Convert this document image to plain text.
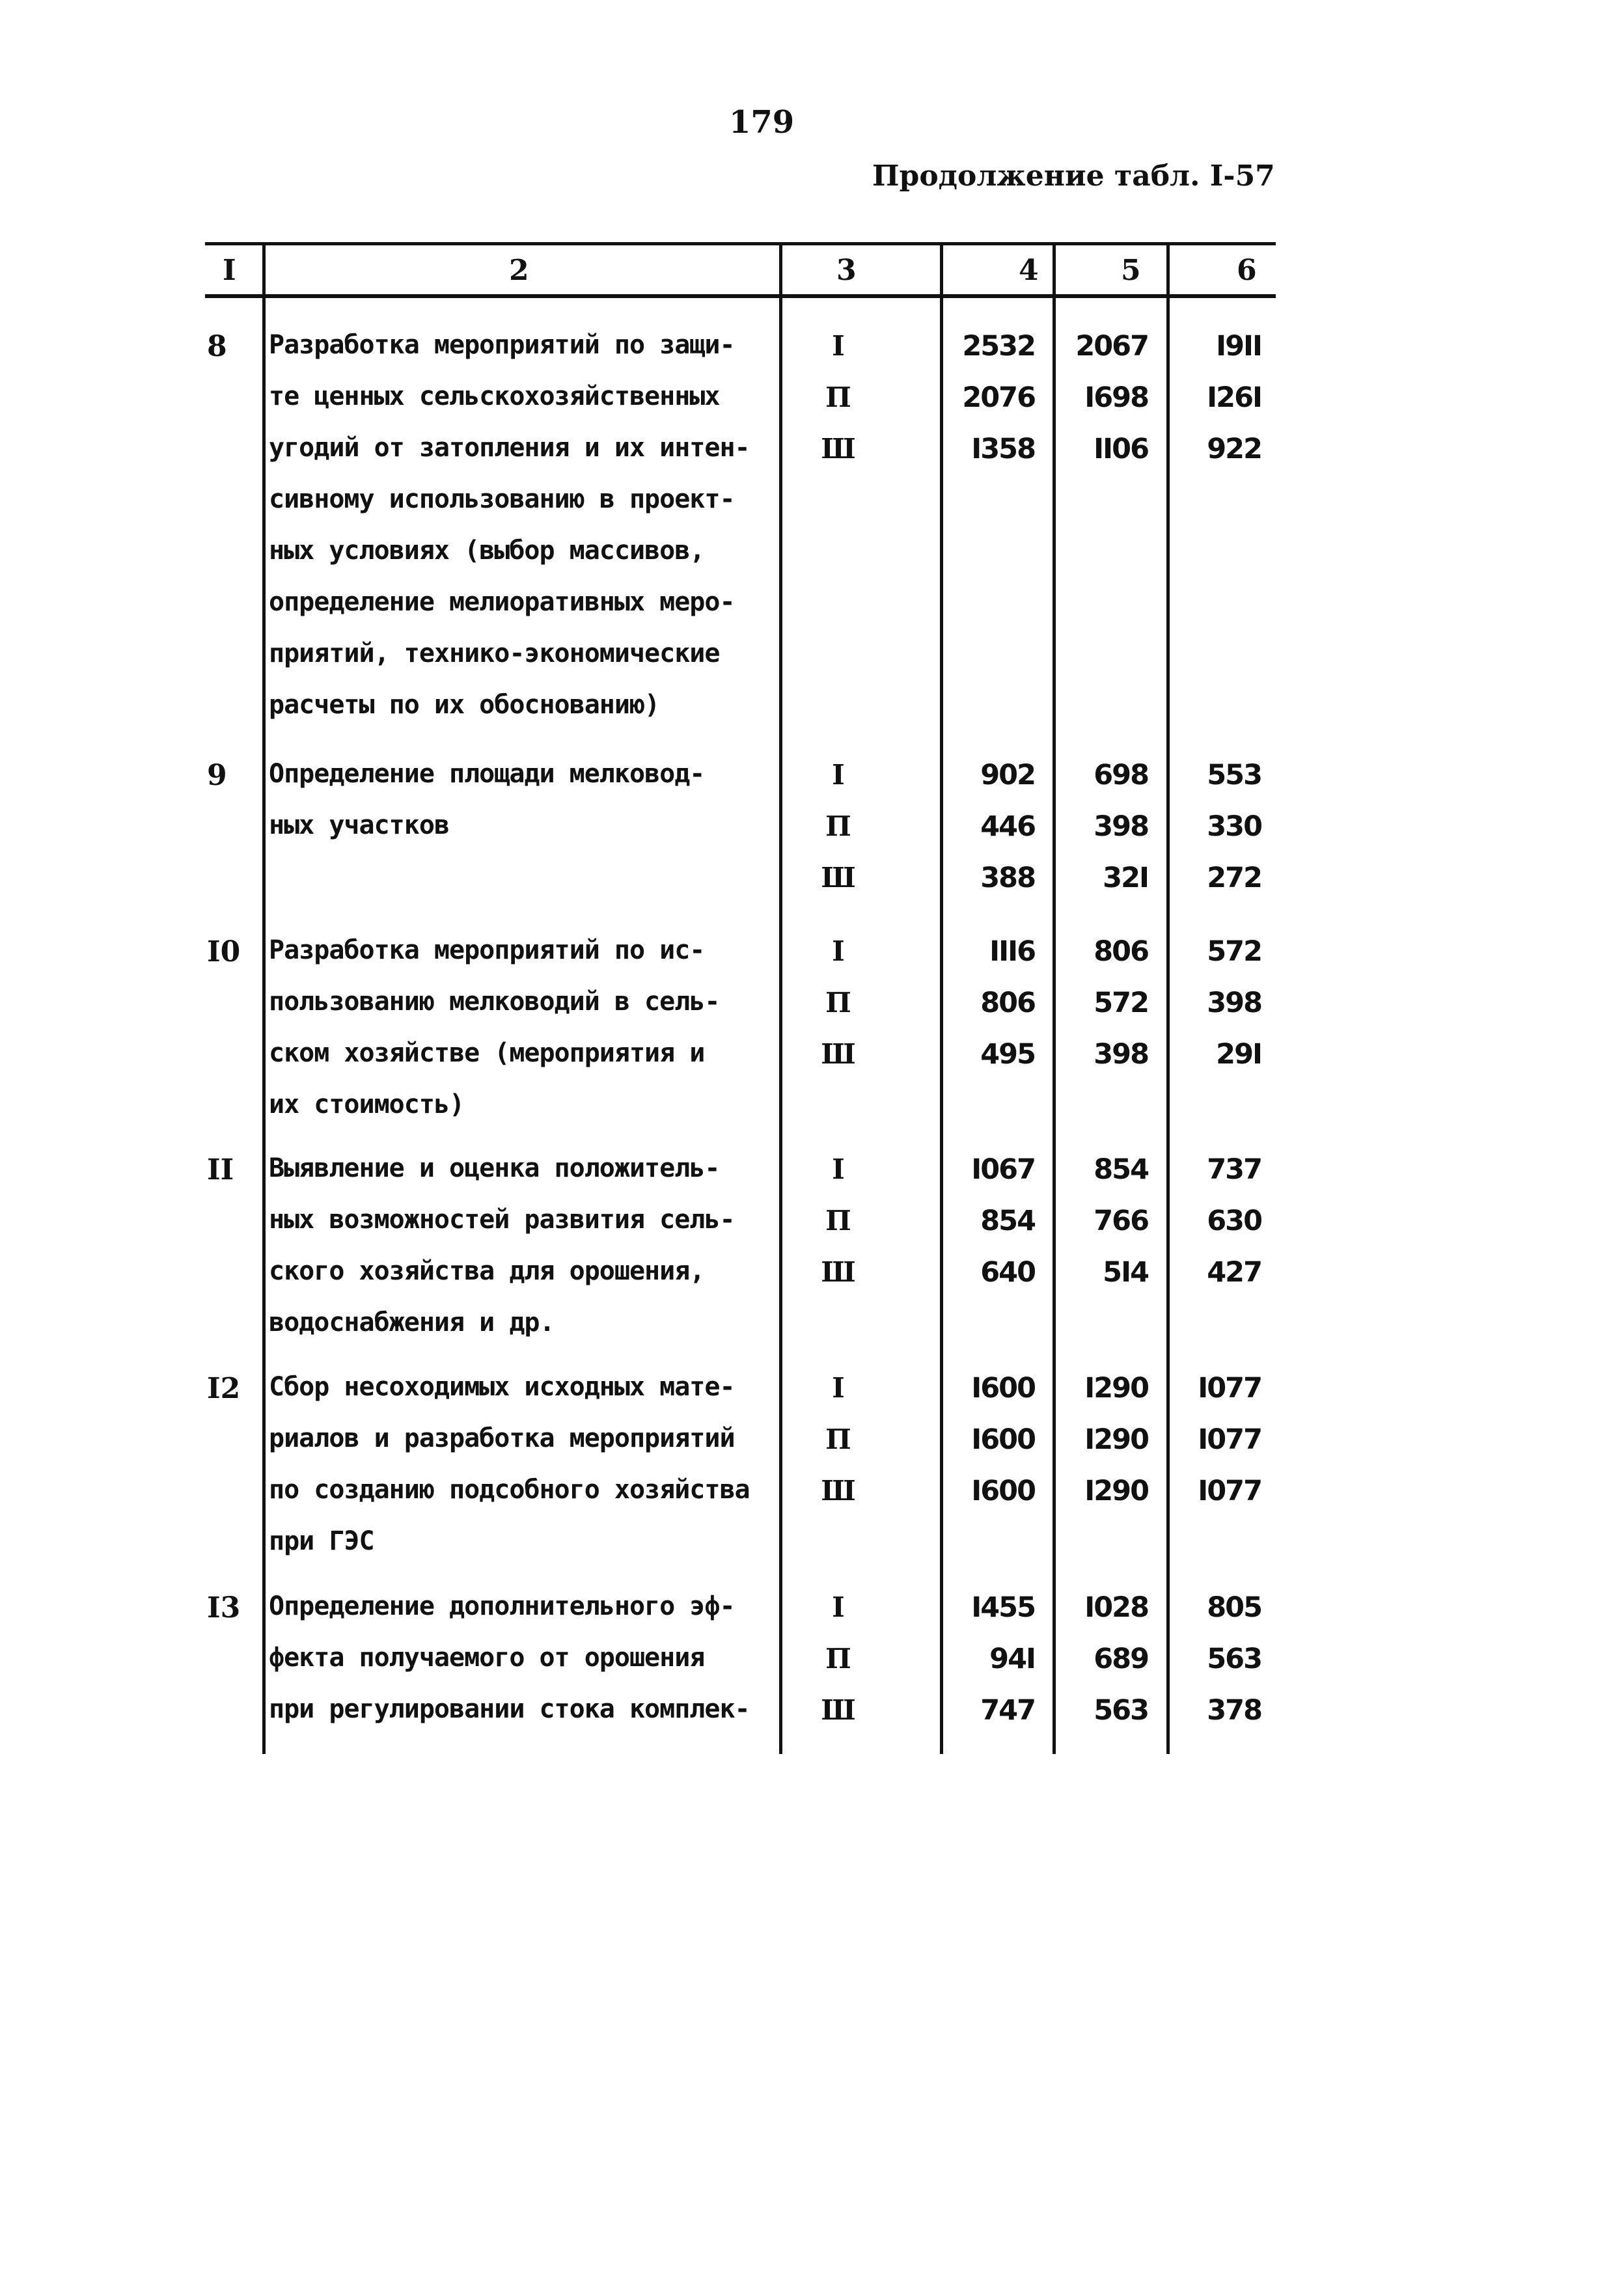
179
Продолжение табл. I-57
I	2	3	4	5	6
8 Разработка мероприятий по защи-
те ценных сельскохозяйственных
угодий от затопления и их интен-
сивному использованию в проект-
ных условиях (выбор массивов,
определение мелиоративных меро-
приятий, технико-экономические
расчеты по их обоснованию)
I	2532 2067 I9II
П	2076 I698 I26I
Ш	I358 II06 922
9 Определение площади мелковод-
ных участков
I	902 698 553
П	446 398 330
Ш	388 32I 272
I0 Разработка мероприятий по ис-
пользованию мелководий в сель-
ском хозяйстве (мероприятия и
их стоимость)
I	III6 806 572
П	806 572 398
Ш	495 398 29I
II Выявление и оценка положитель-
ных возможностей развития сель-
ского хозяйства для орошения,
водоснабжения и др.
I	I067 854 737
П	854 766 630
Ш	640 5I4 427
I2 Сбор несоходимых исходных мате-
риалов и разработка мероприятий
по созданию подсобного хозяйства
при ГЭС
I	I600 I290 I077
П	I600 I290 I077
Ш	I600 I290 I077
I3 Определение дополнительного эф-
фекта получаемого от орошения
при регулировании стока комплек-
I	I455 I028 805
П	94I 689 563
Ш	747 563 378
